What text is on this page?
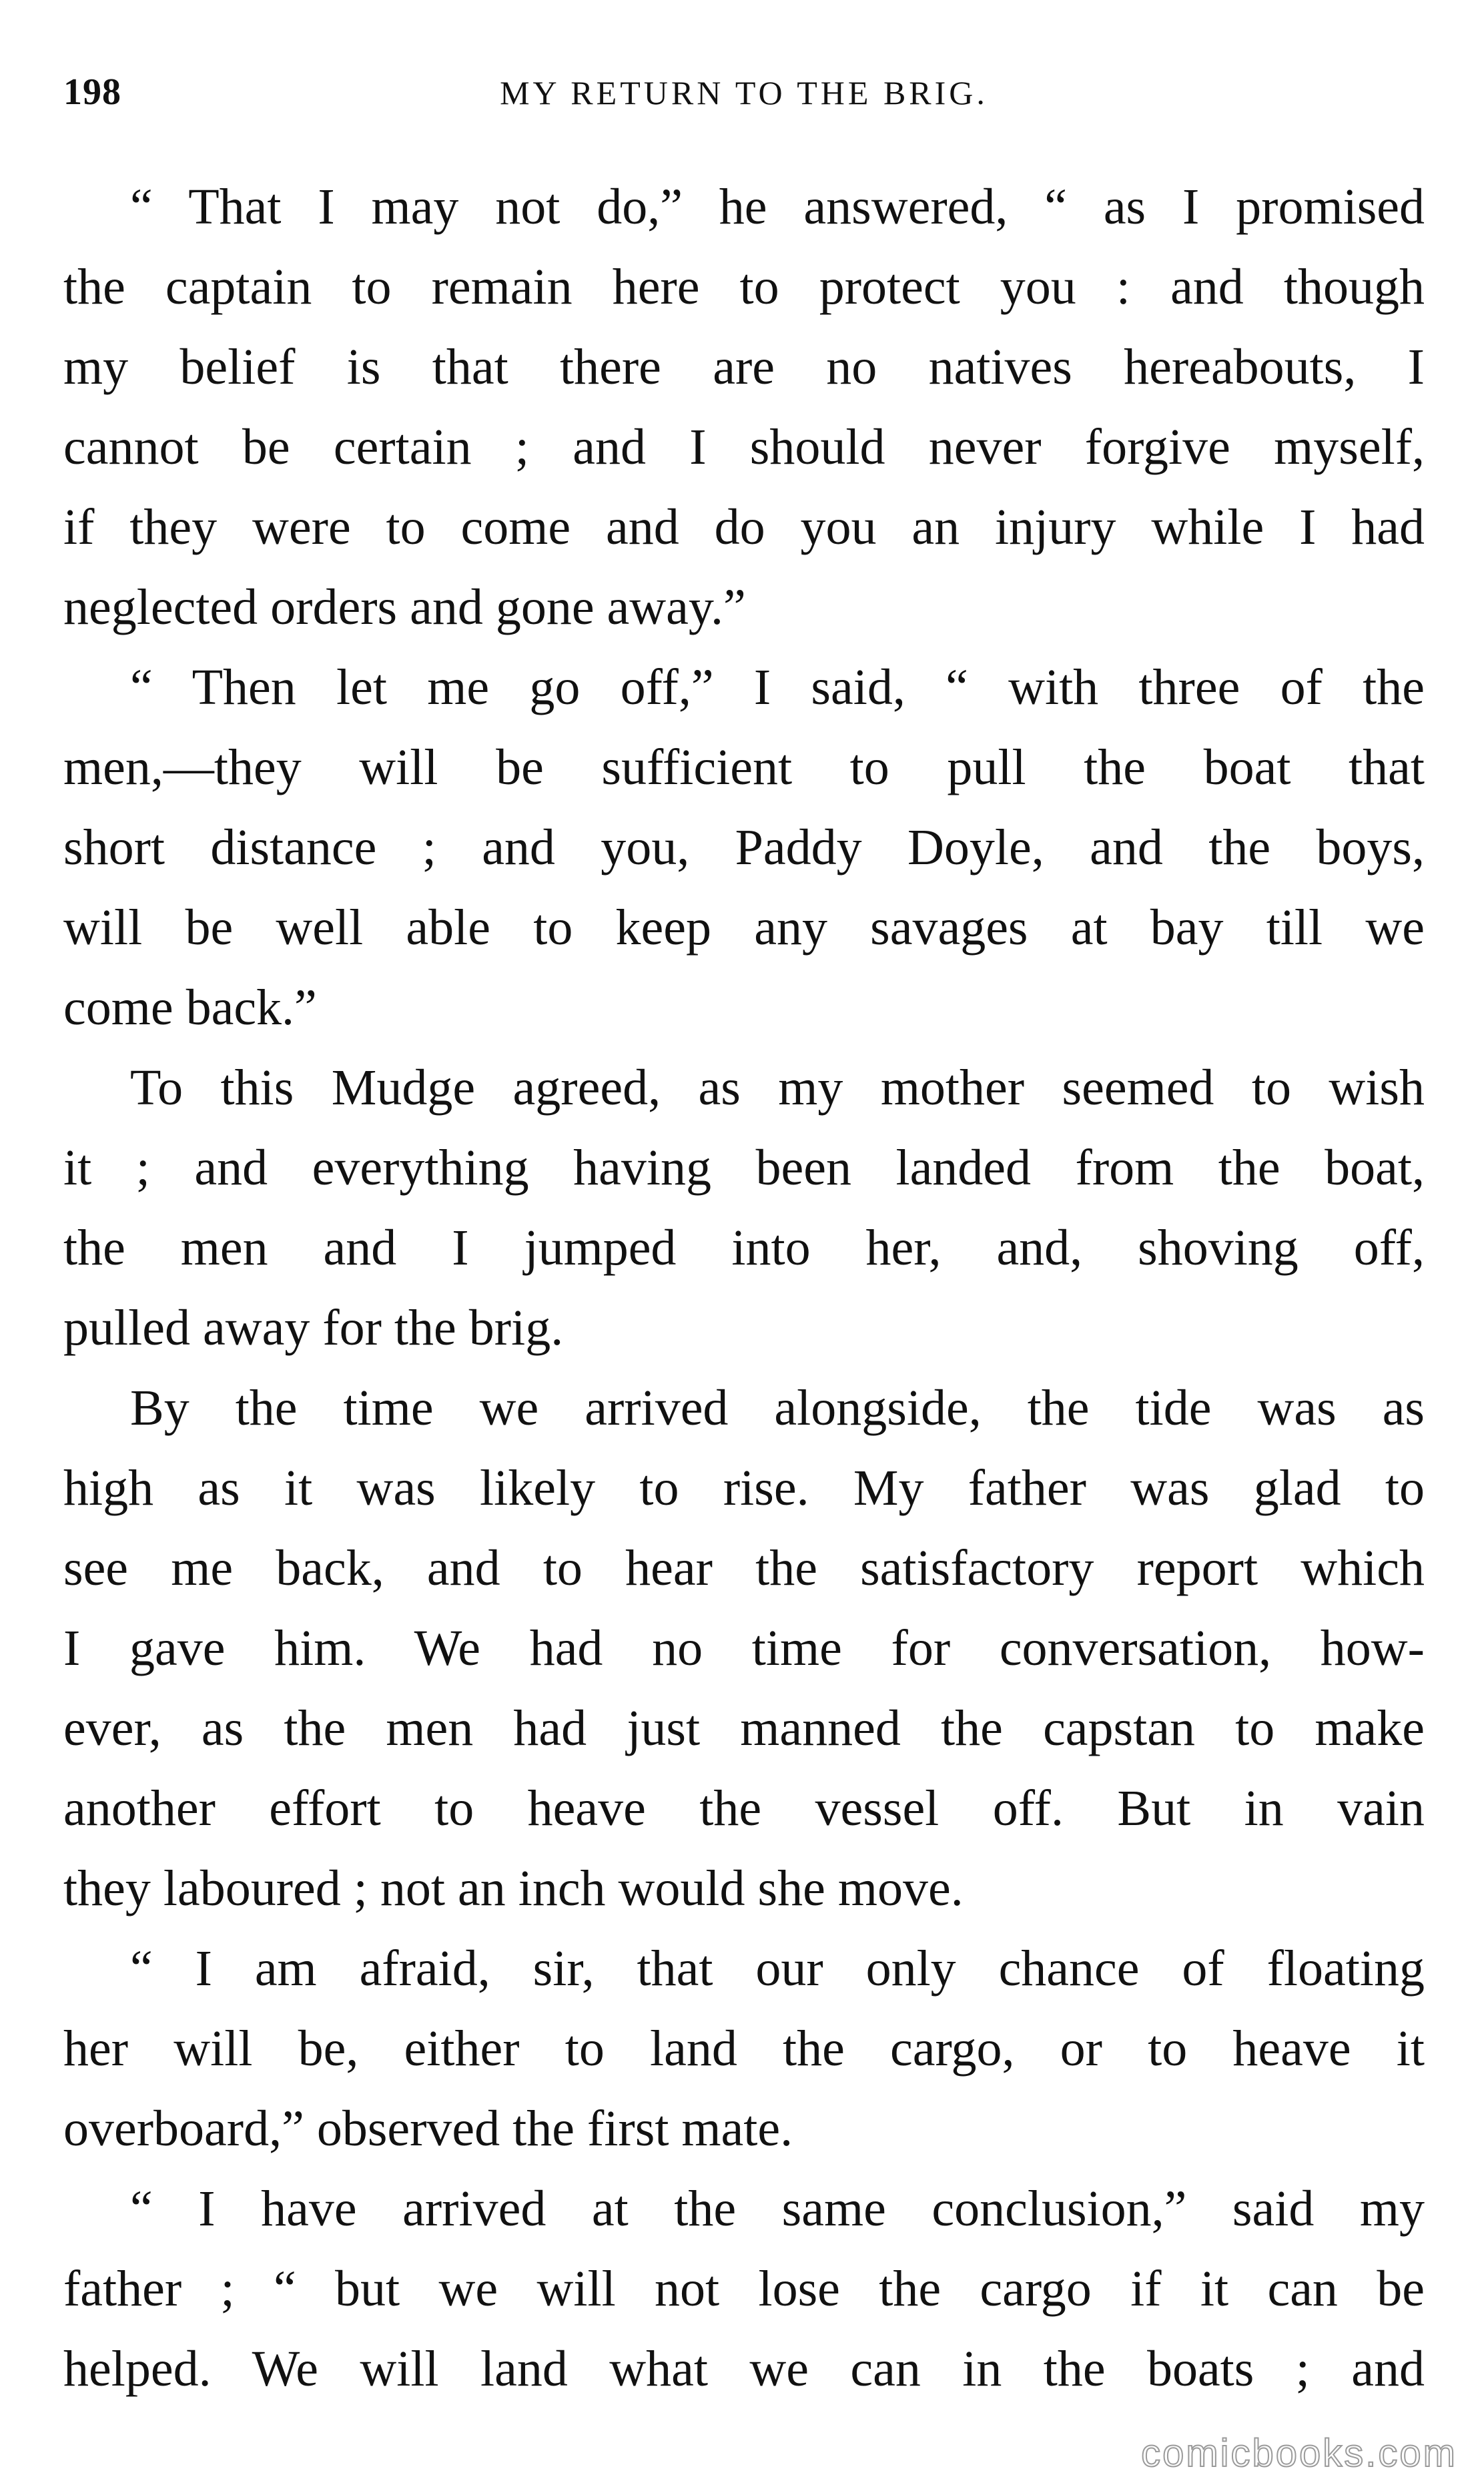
198	MY RETURN TO THE BRIG.
“ That I may not do,” he answered, “ as I promised
the captain to remain here to protect you : and though
my belief is that there are no natives hereabouts, I
cannot be certain ; and I should never forgive myself,
if they were to come and do you an injury while I had
neglected orders and gone away.”
“ Then let me go off,” I said, “ with three of the
men,—they will be sufficient to pull the boat that
short distance ; and you, Paddy Doyle, and the boys,
will be well able to keep any savages at bay till we
come back.”
To this Mudge agreed, as my mother seemed to wish
it ; and everything having been landed from the boat,
the men and I jumped into her, and, shoving off,
pulled away for the brig.
By the time we arrived alongside, the tide was as
high as it was likely to rise. My father was glad to
see me back, and to hear the satisfactory report which
I gave him. We had no time for conversation, how-
ever, as the men had just manned the capstan to make
another effort to heave the vessel off. But in vain
they laboured ; not an inch would she move.
“ I am afraid, sir, that our only chance of floating
her will be, either to land the cargo, or to heave it
overboard,” observed the first mate.
“ I have arrived at the same conclusion,” said my
father ; “ but we will not lose the cargo if it can be
helped. We will land what we can in the boats ; and
comicbooks.com
